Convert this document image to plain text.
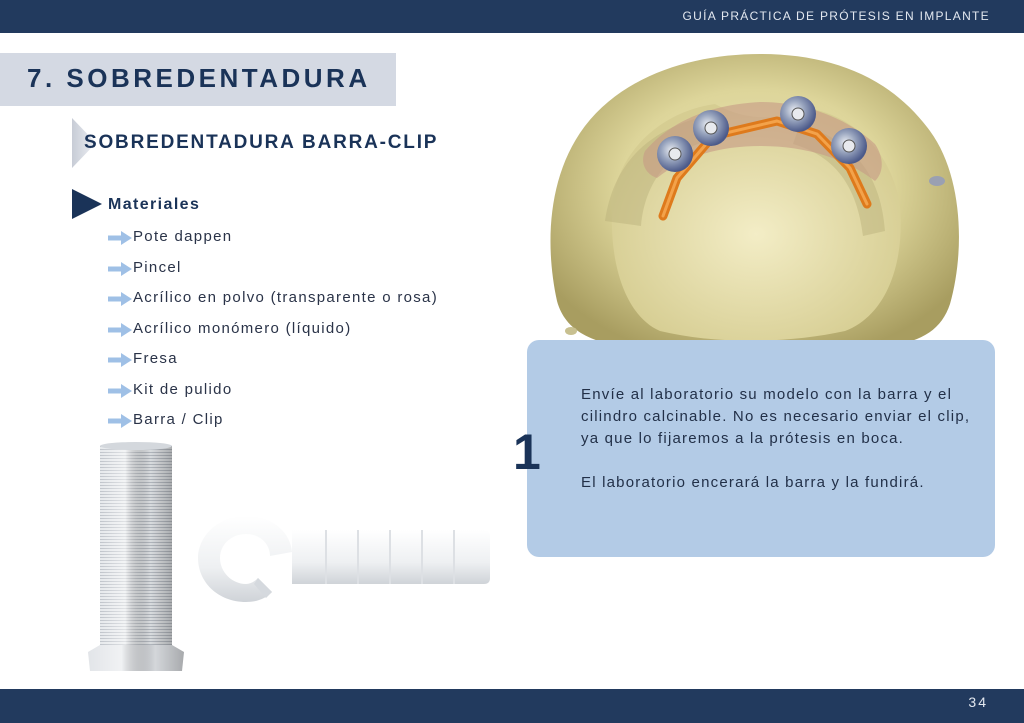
GUÍA PRÁCTICA DE PRÓTESIS EN IMPLANTE
7. SOBREDENTADURA
SOBREDENTADURA BARRA-CLIP
Materiales
Pote dappen
Pincel
Acrílico en polvo (transparente o rosa)
Acrílico monómero (líquido)
Fresa
Kit de pulido
Barra / Clip
1

Envíe al laboratorio su modelo con la barra y el cilindro calcinable. No es necesario enviar el clip, ya que lo fijaremos a la prótesis en boca.

El laboratorio encerará la barra y la fundirá.

34
